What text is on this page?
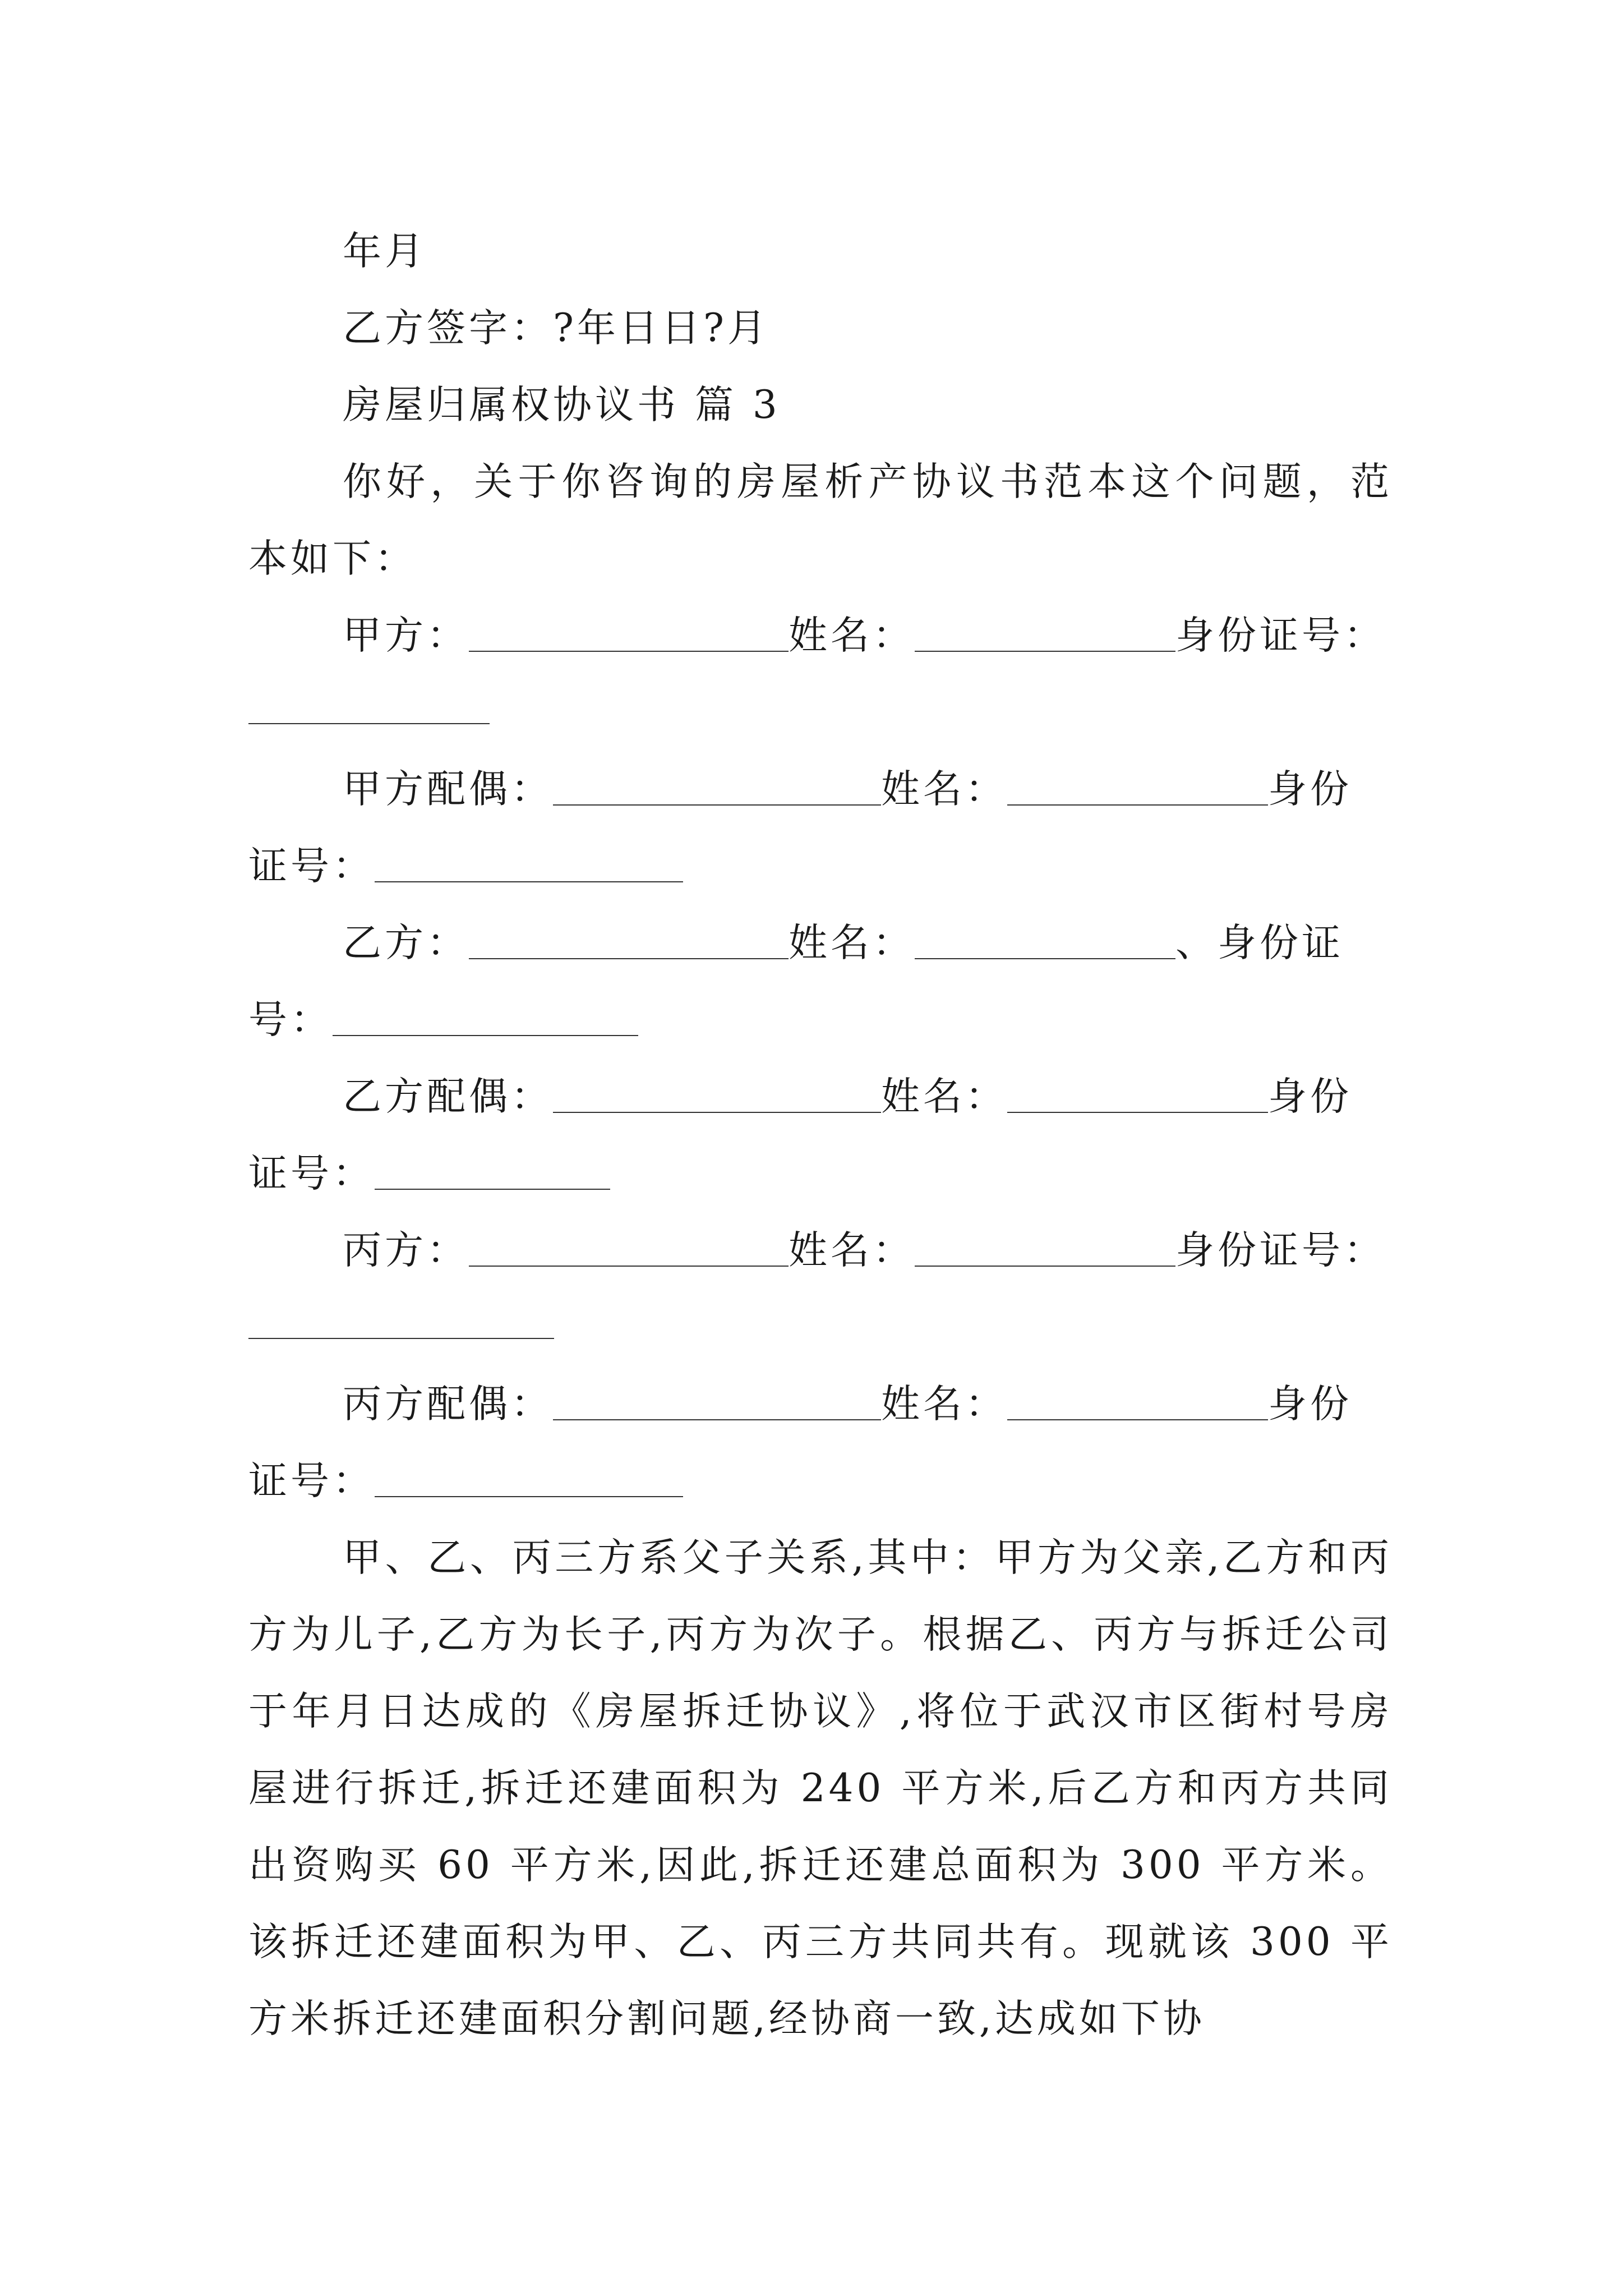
年月
乙方签字：?年日日?月
房屋归属权协议书 篇 3
你好，关于你咨询的房屋析产协议书范本这个问题，范本如下：
甲方：	姓名：	身份证号：
甲方配偶：	姓名：	身份
证号：
乙方：	姓名：	、身份证
号：
乙方配偶：	姓名：	身份
证号：
丙方：	姓名：	身份证号：
丙方配偶：	姓名：	身份
证号：
甲、乙、丙三方系父子关系,其中：甲方为父亲,乙方和丙方为儿子,乙方为长子,丙方为次子。根据乙、丙方与拆迁公司于年月日达成的《房屋拆迁协议》,将位于武汉市区街村号房屋进行拆迁,拆迁还建面积为 240 平方米,后乙方和丙方共同出资购买 60 平方米,因此,拆迁还建总面积为 300 平方米。该拆迁还建面积为甲、乙、丙三方共同共有。现就该 300 平方米拆迁还建面积分割问题,经协商一致,达成如下协
